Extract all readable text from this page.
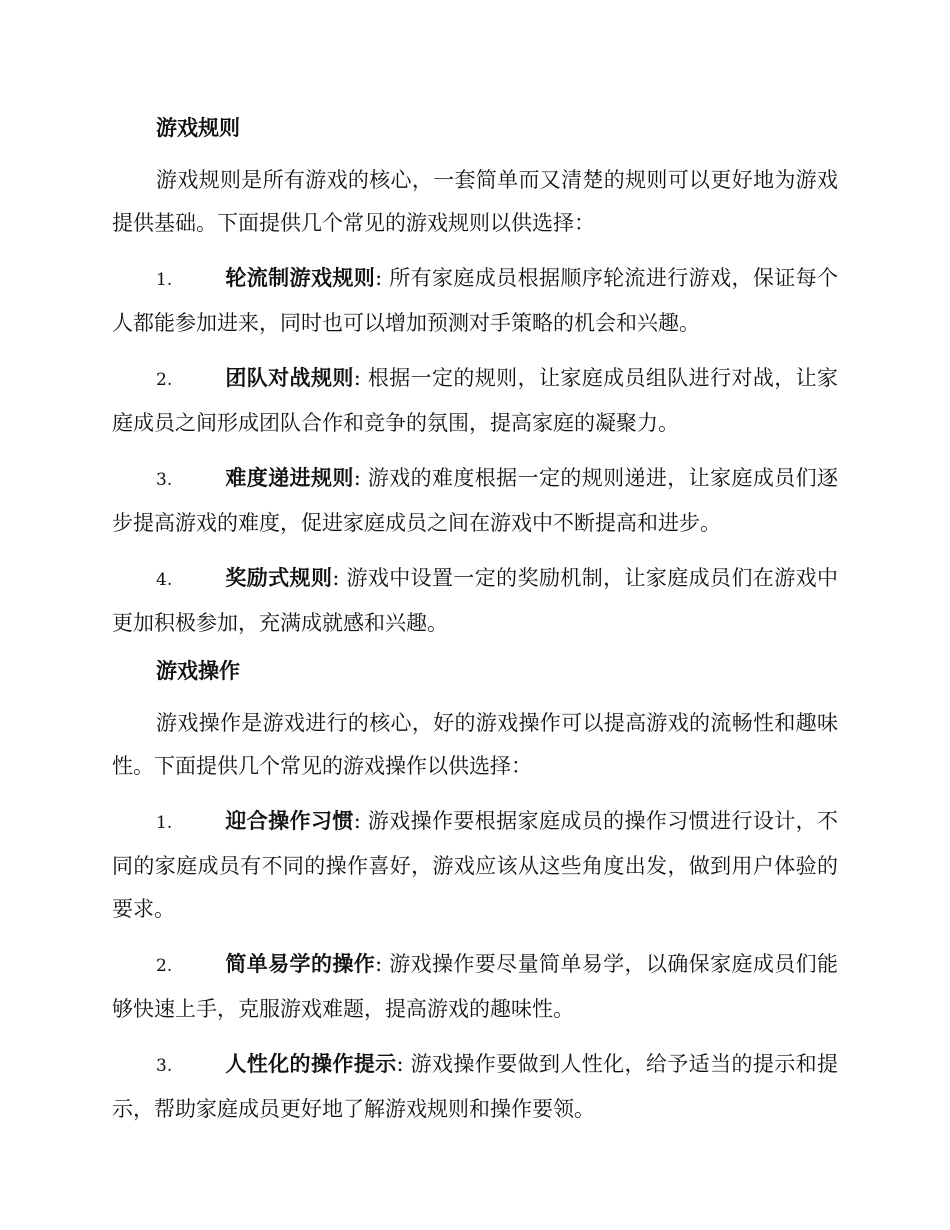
游戏规则

游戏规则是所有游戏的核心，一套简单而又清楚的规则可以更好地为游戏提供基础。下面提供几个常见的游戏规则以供选择：

1.	轮流制游戏规则: 所有家庭成员根据顺序轮流进行游戏，保证每个人都能参加进来，同时也可以增加预测对手策略的机会和兴趣。

2.	团队对战规则: 根据一定的规则，让家庭成员组队进行对战，让家庭成员之间形成团队合作和竞争的氛围，提高家庭的凝聚力。

3.	难度递进规则: 游戏的难度根据一定的规则递进，让家庭成员们逐步提高游戏的难度，促进家庭成员之间在游戏中不断提高和进步。

4.	奖励式规则: 游戏中设置一定的奖励机制，让家庭成员们在游戏中更加积极参加，充满成就感和兴趣。

游戏操作

游戏操作是游戏进行的核心，好的游戏操作可以提高游戏的流畅性和趣味性。下面提供几个常见的游戏操作以供选择：

1.	迎合操作习惯: 游戏操作要根据家庭成员的操作习惯进行设计，不同的家庭成员有不同的操作喜好，游戏应该从这些角度出发，做到用户体验的要求。

2.	简单易学的操作: 游戏操作要尽量简单易学，以确保家庭成员们能够快速上手，克服游戏难题，提高游戏的趣味性。

3.	人性化的操作提示: 游戏操作要做到人性化，给予适当的提示和提示，帮助家庭成员更好地了解游戏规则和操作要领。
